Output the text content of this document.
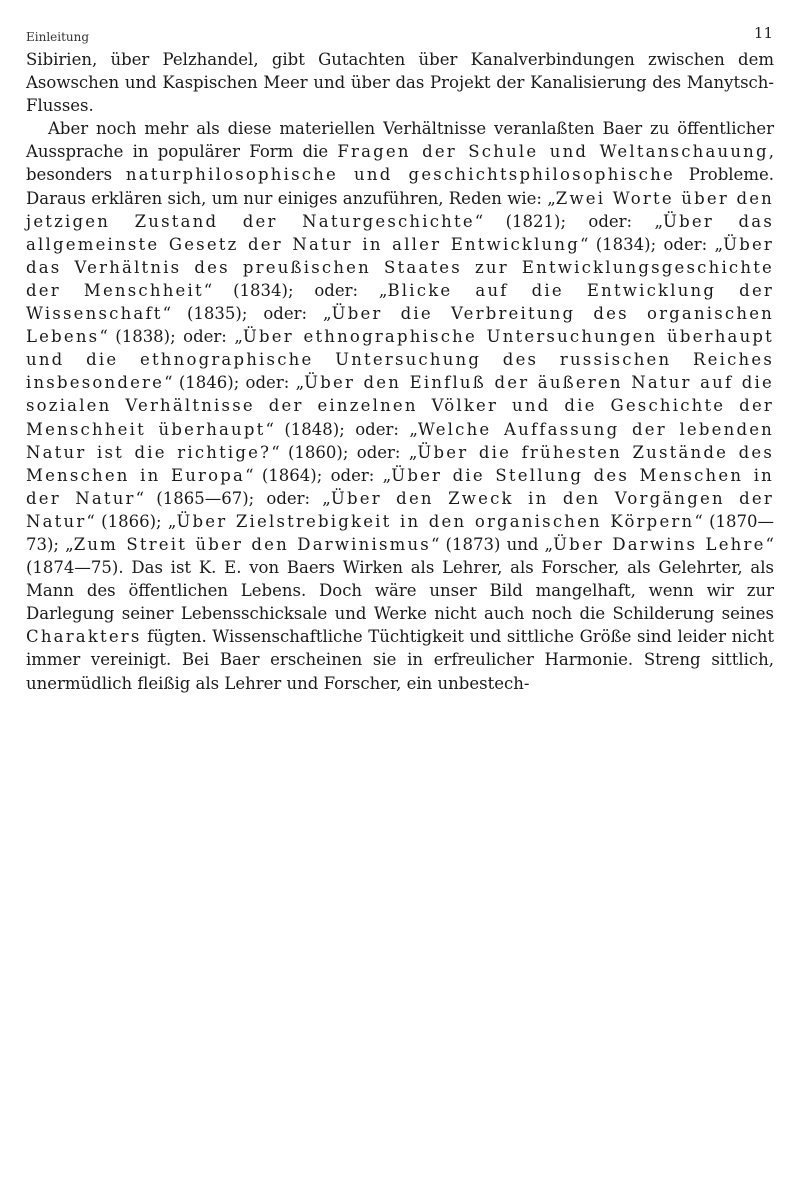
Einleitung	11

Sibirien, über Pelzhandel, gibt Gutachten über Kanalverbindungen zwischen dem Asowschen und Kaspischen Meer und über das Projekt der Kanalisierung des Manytsch-Flusses.

Aber noch mehr als diese materiellen Verhältnisse veranlaßten Baer zu öffentlicher Aussprache in populärer Form die Fragen der Schule und Weltanschauung, besonders naturphilosophische und geschichtsphilosophische Probleme. Daraus erklären sich, um nur einiges anzuführen, Reden wie: „Zwei Worte über den jetzigen Zustand der Naturgeschichte“ (1821); oder: „Über das allgemeinste Gesetz der Natur in aller Entwicklung“ (1834); oder: „Über das Verhältnis des preußischen Staates zur Entwicklungsgeschichte der Menschheit“ (1834); oder: „Blicke auf die Entwicklung der Wissenschaft“ (1835); oder: „Über die Verbreitung des organischen Lebens“ (1838); oder: „Über ethnographische Untersuchungen überhaupt und die ethnographische Untersuchung des russischen Reiches insbesondere“ (1846); oder: „Über den Einfluß der äußeren Natur auf die sozialen Verhältnisse der einzelnen Völker und die Geschichte der Menschheit überhaupt“ (1848); oder: „Welche Auffassung der lebenden Natur ist die richtige?“ (1860); oder: „Über die frühesten Zustände des Menschen in Europa“ (1864); oder: „Über die Stellung des Menschen in der Natur“ (1865—67); oder: „Über den Zweck in den Vorgängen der Natur“ (1866); „Über Zielstrebigkeit in den organischen Körpern“ (1870—73); „Zum Streit über den Darwinismus“ (1873) und „Über Darwins Lehre“ (1874—75). Das ist K. E. von Baers Wirken als Lehrer, als Forscher, als Gelehrter, als Mann des öffentlichen Lebens. Doch wäre unser Bild mangelhaft, wenn wir zur Darlegung seiner Lebensschicksale und Werke nicht auch noch die Schilderung seines Charakters fügten. Wissenschaftliche Tüchtigkeit und sittliche Größe sind leider nicht immer vereinigt. Bei Baer erscheinen sie in erfreulicher Harmonie. Streng sittlich, unermüdlich fleißig als Lehrer und Forscher, ein unbestech-
